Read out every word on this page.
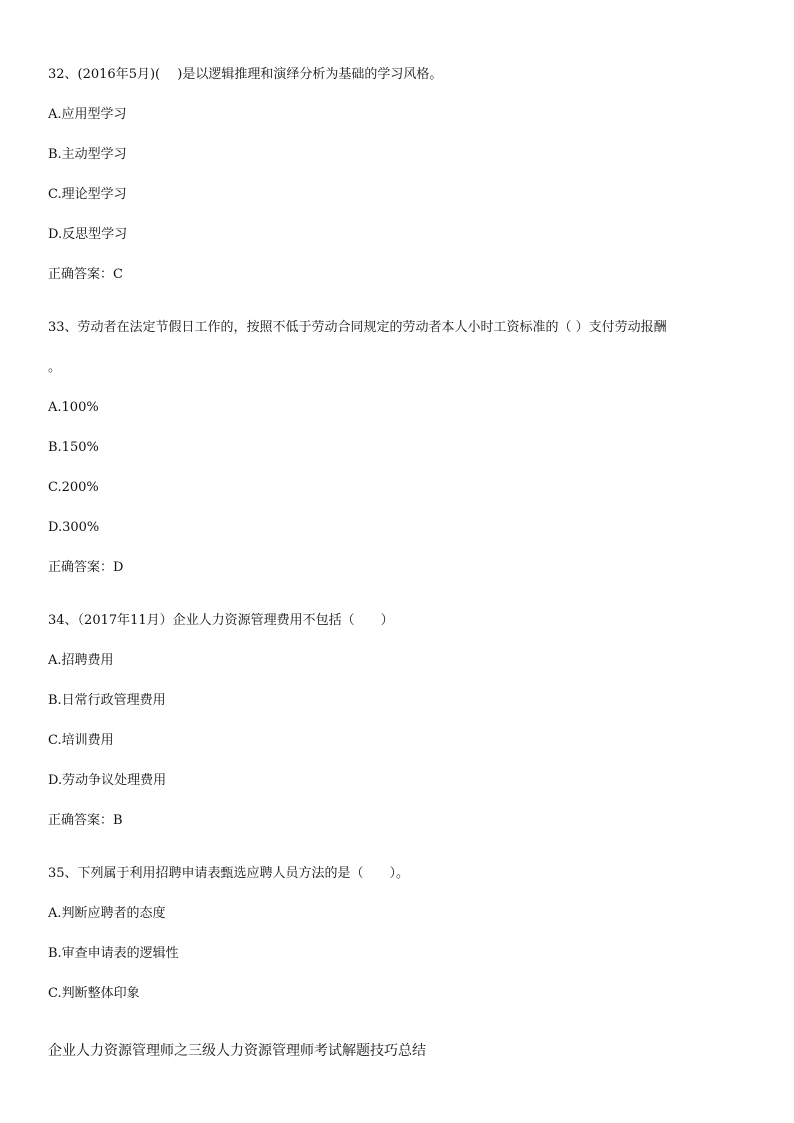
32、(2016年5月)(　 )是以逻辑推理和演绎分析为基础的学习风格。
A.应用型学习
B.主动型学习
C.理论型学习
D.反思型学习
正确答案：C
33、劳动者在法定节假日工作的，按照不低于劳动合同规定的劳动者本人小时工资标准的（ ）支付劳动报酬
。
A.100%
B.150%
C.200%
D.300%
正确答案：D
34、（2017年11月）企业人力资源管理费用不包括（　　）
A.招聘费用
B.日常行政管理费用
C.培训费用
D.劳动争议处理费用
正确答案：B
35、下列属于利用招聘申请表甄选应聘人员方法的是（　　）。
A.判断应聘者的态度
B.审查申请表的逻辑性
C.判断整体印象
企业人力资源管理师之三级人力资源管理师考试解题技巧总结
